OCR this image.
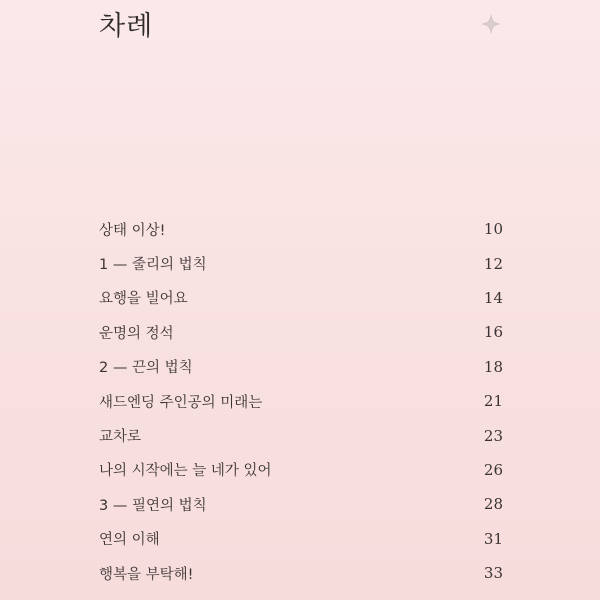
차례
상태 이상!	10
1 — 줄리의 법칙	12
요행을 빌어요	14
운명의 정석	16
2 — 끈의 법칙	18
새드엔딩 주인공의 미래는	21
교차로	23
나의 시작에는 늘 네가 있어	26
3 — 필연의 법칙	28
연의 이해	31
행복을 부탁해!	33
